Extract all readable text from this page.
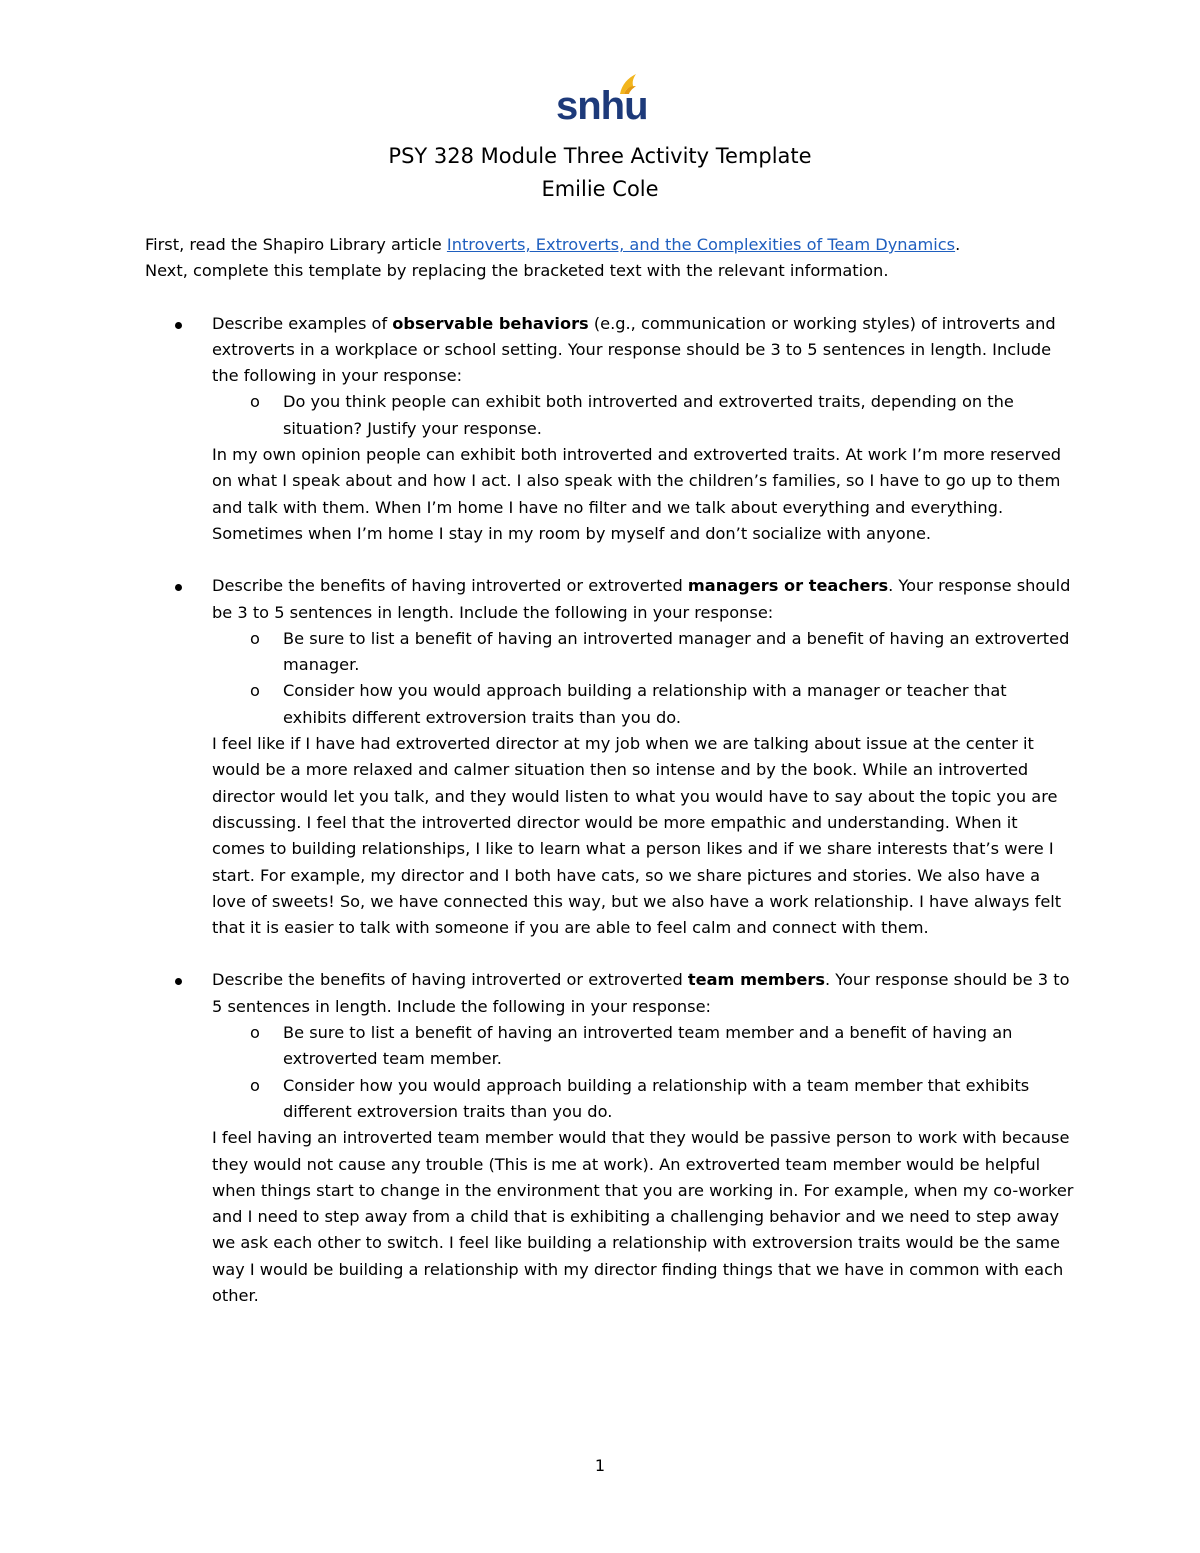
snhu
PSY 328 Module Three Activity Template
Emilie Cole

First, read the Shapiro Library article Introverts, Extroverts, and the Complexities of Team Dynamics.
Next, complete this template by replacing the bracketed text with the relevant information.

Describe examples of observable behaviors (e.g., communication or working styles) of introverts and extroverts in a workplace or school setting. Your response should be 3 to 5 sentences in length. Include the following in your response:

o Do you think people can exhibit both introverted and extroverted traits, depending on the situation? Justify your response.

In my own opinion people can exhibit both introverted and extroverted traits. At work I’m more reserved on what I speak about and how I act. I also speak with the children’s families, so I have to go up to them and talk with them. When I’m home I have no filter and we talk about everything and everything. Sometimes when I’m home I stay in my room by myself and don’t socialize with anyone.

Describe the benefits of having introverted or extroverted managers or teachers. Your response should be 3 to 5 sentences in length. Include the following in your response:

o Be sure to list a benefit of having an introverted manager and a benefit of having an extroverted manager.
o Consider how you would approach building a relationship with a manager or teacher that exhibits different extroversion traits than you do.

I feel like if I have had extroverted director at my job when we are talking about issue at the center it would be a more relaxed and calmer situation then so intense and by the book. While an introverted director would let you talk, and they would listen to what you would have to say about the topic you are discussing. I feel that the introverted director would be more empathic and understanding. When it comes to building relationships, I like to learn what a person likes and if we share interests that’s were I start. For example, my director and I both have cats, so we share pictures and stories. We also have a love of sweets! So, we have connected this way, but we also have a work relationship. I have always felt that it is easier to talk with someone if you are able to feel calm and connect with them.

Describe the benefits of having introverted or extroverted team members. Your response should be 3 to 5 sentences in length. Include the following in your response:

o Be sure to list a benefit of having an introverted team member and a benefit of having an extroverted team member.
o Consider how you would approach building a relationship with a team member that exhibits different extroversion traits than you do.

I feel having an introverted team member would that they would be passive person to work with because they would not cause any trouble (This is me at work). An extroverted team member would be helpful when things start to change in the environment that you are working in. For example, when my co-worker and I need to step away from a child that is exhibiting a challenging behavior and we need to step away we ask each other to switch. I feel like building a relationship with extroversion traits would be the same way I would be building a relationship with my director finding things that we have in common with each other.

1
